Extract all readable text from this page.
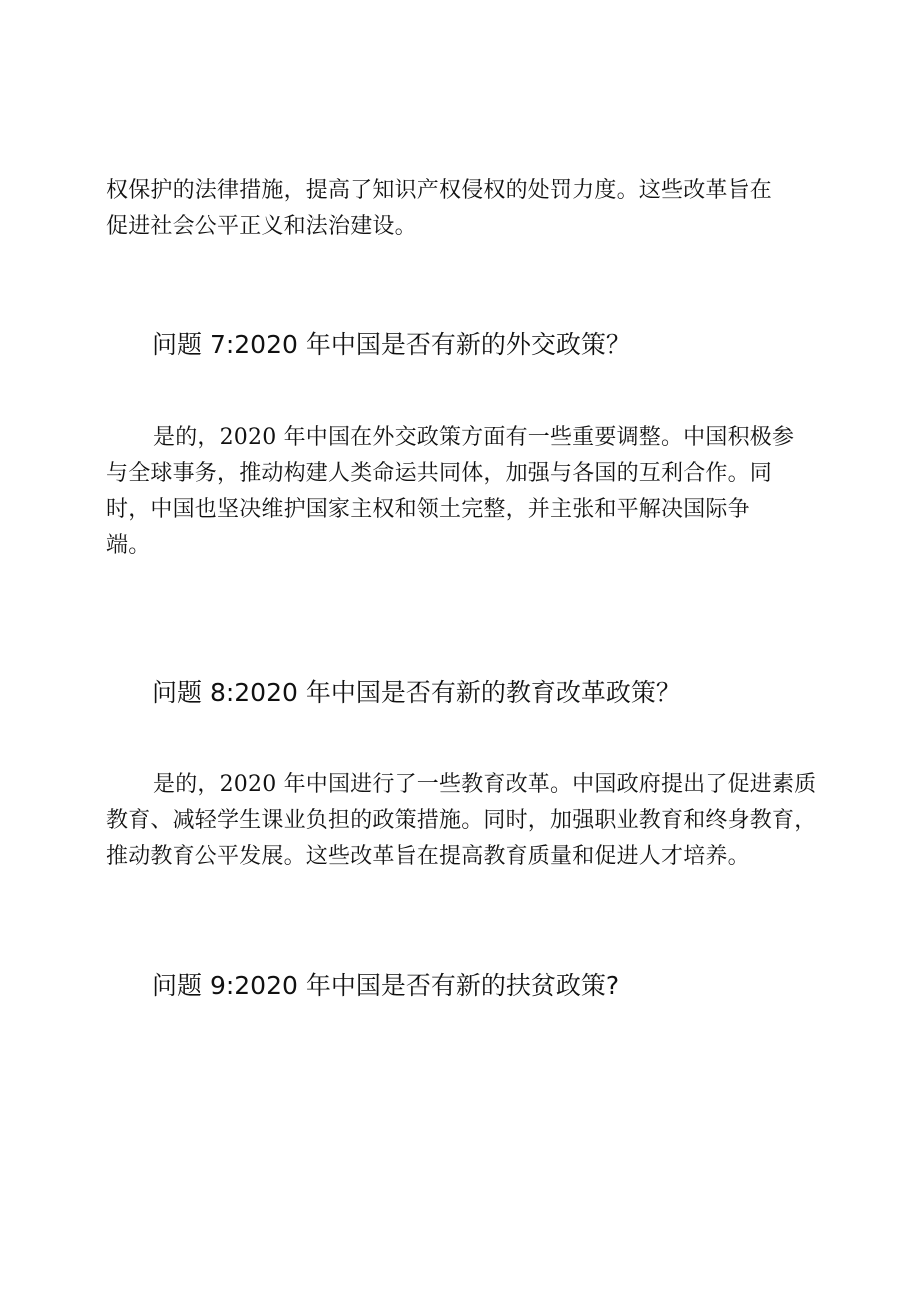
权保护的法律措施，提高了知识产权侵权的处罚力度。这些改革旨在
促进社会公平正义和法治建设。

问题 7:2020 年中国是否有新的外交政策？

是的，2020 年中国在外交政策方面有一些重要调整。中国积极参
与全球事务，推动构建人类命运共同体，加强与各国的互利合作。同
时，中国也坚决维护国家主权和领土完整，并主张和平解决国际争
端。

问题 8:2020 年中国是否有新的教育改革政策？

是的，2020 年中国进行了一些教育改革。中国政府提出了促进素质
教育、减轻学生课业负担的政策措施。同时，加强职业教育和终身教育，
推动教育公平发展。这些改革旨在提高教育质量和促进人才培养。

问题 9:2020 年中国是否有新的扶贫政策?
